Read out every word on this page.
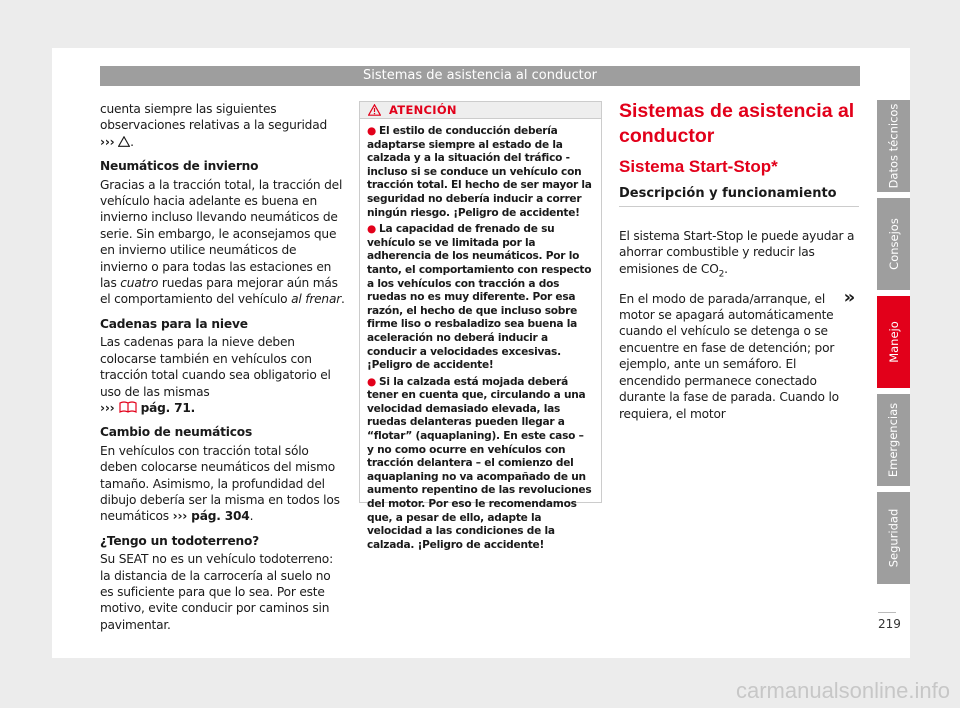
Sistemas de asistencia al conductor

cuenta siempre las siguientes observaciones relativas a la seguridad ››› .

Neumáticos de invierno

Gracias a la tracción total, la tracción del vehículo hacia adelante es buena en invierno incluso llevando neumáticos de serie. Sin embargo, le aconsejamos que en invierno utilice neumáticos de invierno o para todas las estaciones en las cuatro ruedas para mejorar aún más el comportamiento del vehículo al frenar.

Cadenas para la nieve

Las cadenas para la nieve deben colocarse también en vehículos con tracción total cuando sea obligatorio el uso de las mismas
›››  pág. 71.

Cambio de neumáticos

En vehículos con tracción total sólo deben colocarse neumáticos del mismo tamaño. Asimismo, la profundidad del dibujo debería ser la misma en todos los neumáticos ››› pág. 304.

¿Tengo un todoterreno?

Su SEAT no es un vehículo todoterreno: la distancia de la carrocería al suelo no es suficiente para que lo sea. Por este motivo, evite conducir por caminos sin pavimentar.

ATENCIÓN
● El estilo de conducción debería adaptarse siempre al estado de la calzada y a la situación del tráfico - incluso si se conduce un vehículo con tracción total. El hecho de ser mayor la seguridad no debería inducir a correr ningún riesgo. ¡Peligro de accidente!
● La capacidad de frenado de su vehículo se ve limitada por la adherencia de los neumáticos. Por lo tanto, el comportamiento con respecto a los vehículos con tracción a dos ruedas no es muy diferente. Por esa razón, el hecho de que incluso sobre firme liso o resbaladizo sea buena la aceleración no deberá inducir a conducir a velocidades excesivas. ¡Peligro de accidente!
● Si la calzada está mojada deberá tener en cuenta que, circulando a una velocidad demasiado elevada, las ruedas delanteras pueden llegar a “flotar” (aquaplaning). En este caso – y no como ocurre en vehículos con tracción delantera – el comienzo del aquaplaning no va acompañado de un aumento repentino de las revoluciones del motor. Por eso le recomendamos que, a pesar de ello, adapte la velocidad a las condiciones de la calzada. ¡Peligro de accidente!
Sistemas de asistencia al conductor
Sistema Start-Stop*
Descripción y funcionamiento

El sistema Start-Stop le puede ayudar a ahorrar combustible y reducir las emisiones de $CO_2$.

»
En el modo de parada/arranque, el motor se apagará automáticamente cuando el vehículo se detenga o se encuentre en fase de detención; por ejemplo, ante un semáforo. El encendido permanece conectado durante la fase de parada. Cuando lo requiera, el motor

Datos técnicos
Consejos
Manejo
Emergencias
Seguridad
219
carmanualsonline.info
